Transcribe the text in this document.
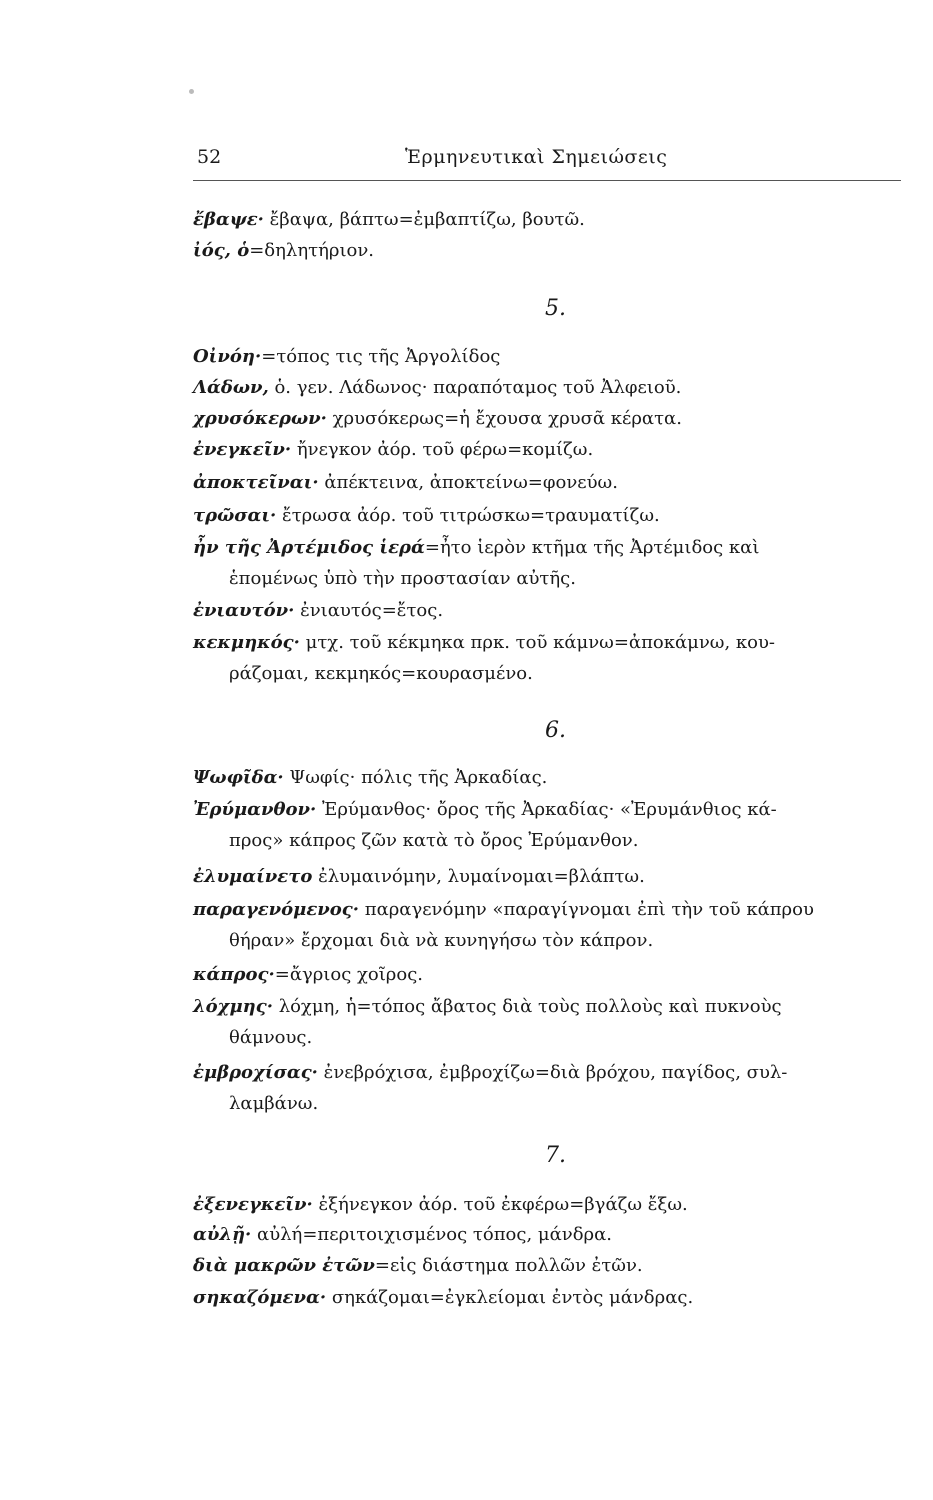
52	Ἑρμηνευτικαὶ Σημειώσεις
ἔβαψε· ἔβαψα, βάπτω=ἐμβαπτίζω, βουτῶ.
ἰός, ὁ=δηλητήριον.
5.
Οἰνόη·=τόπος τις τῆς Ἀργολίδος
Λάδων, ὁ. γεν. Λάδωνος· παραπόταμος τοῦ Ἀλφειοῦ.
χρυσόκερων· χρυσόκερως=ἡ ἔχουσα χρυσᾶ κέρατα.
ἐνεγκεῖν· ἤνεγκον ἀόρ. τοῦ φέρω=κομίζω.
ἀποκτεῖναι· ἀπέκτεινα, ἀποκτείνω=φονεύω.
τρῶσαι· ἔτρωσα ἀόρ. τοῦ τιτρώσκω=τραυματίζω.
ἦν τῆς Ἀρτέμιδος ἱερά=ἦτο ἱερὸν κτῆμα τῆς Ἀρτέμιδος καὶ
ἑπομένως ὑπὸ τὴν προστασίαν αὐτῆς.
ἐνιαυτόν· ἐνιαυτός=ἔτος.
κεκμηκός· μτχ. τοῦ κέκμηκα πρκ. τοῦ κάμνω=ἀποκάμνω, κου-
ράζομαι, κεκμηκός=κουρασμένο.
6.
Ψωφῖδα· Ψωφίς· πόλις τῆς Ἀρκαδίας.
Ἐρύμανθον· Ἐρύμανθος· ὄρος τῆς Ἀρκαδίας· «Ἐρυμάνθιος κά-
προς» κάπρος ζῶν κατὰ τὸ ὄρος Ἐρύμανθον.
ἐλυμαίνετο ἐλυμαινόμην, λυμαίνομαι=βλάπτω.
παραγενόμενος· παραγενόμην «παραγίγνομαι ἐπὶ τὴν τοῦ κάπρου
θήραν» ἔρχομαι διὰ νὰ κυνηγήσω τὸν κάπρον.
κάπρος·=ἄγριος χοῖρος.
λόχμης· λόχμη, ἡ=τόπος ἄβατος διὰ τοὺς πολλοὺς καὶ πυκνοὺς
θάμνους.
ἐμβροχίσας· ἐνεβρόχισα, ἐμβροχίζω=διὰ βρόχου, παγίδος, συλ-
λαμβάνω.
7.
ἐξενεγκεῖν· ἐξήνεγκον ἀόρ. τοῦ ἐκφέρω=βγάζω ἔξω.
αὐλῇ· αὐλή=περιτοιχισμένος τόπος, μάνδρα.
διὰ μακρῶν ἐτῶν=εἰς διάστημα πολλῶν ἐτῶν.
σηκαζόμενα· σηκάζομαι=ἐγκλείομαι ἐντὸς μάνδρας.
